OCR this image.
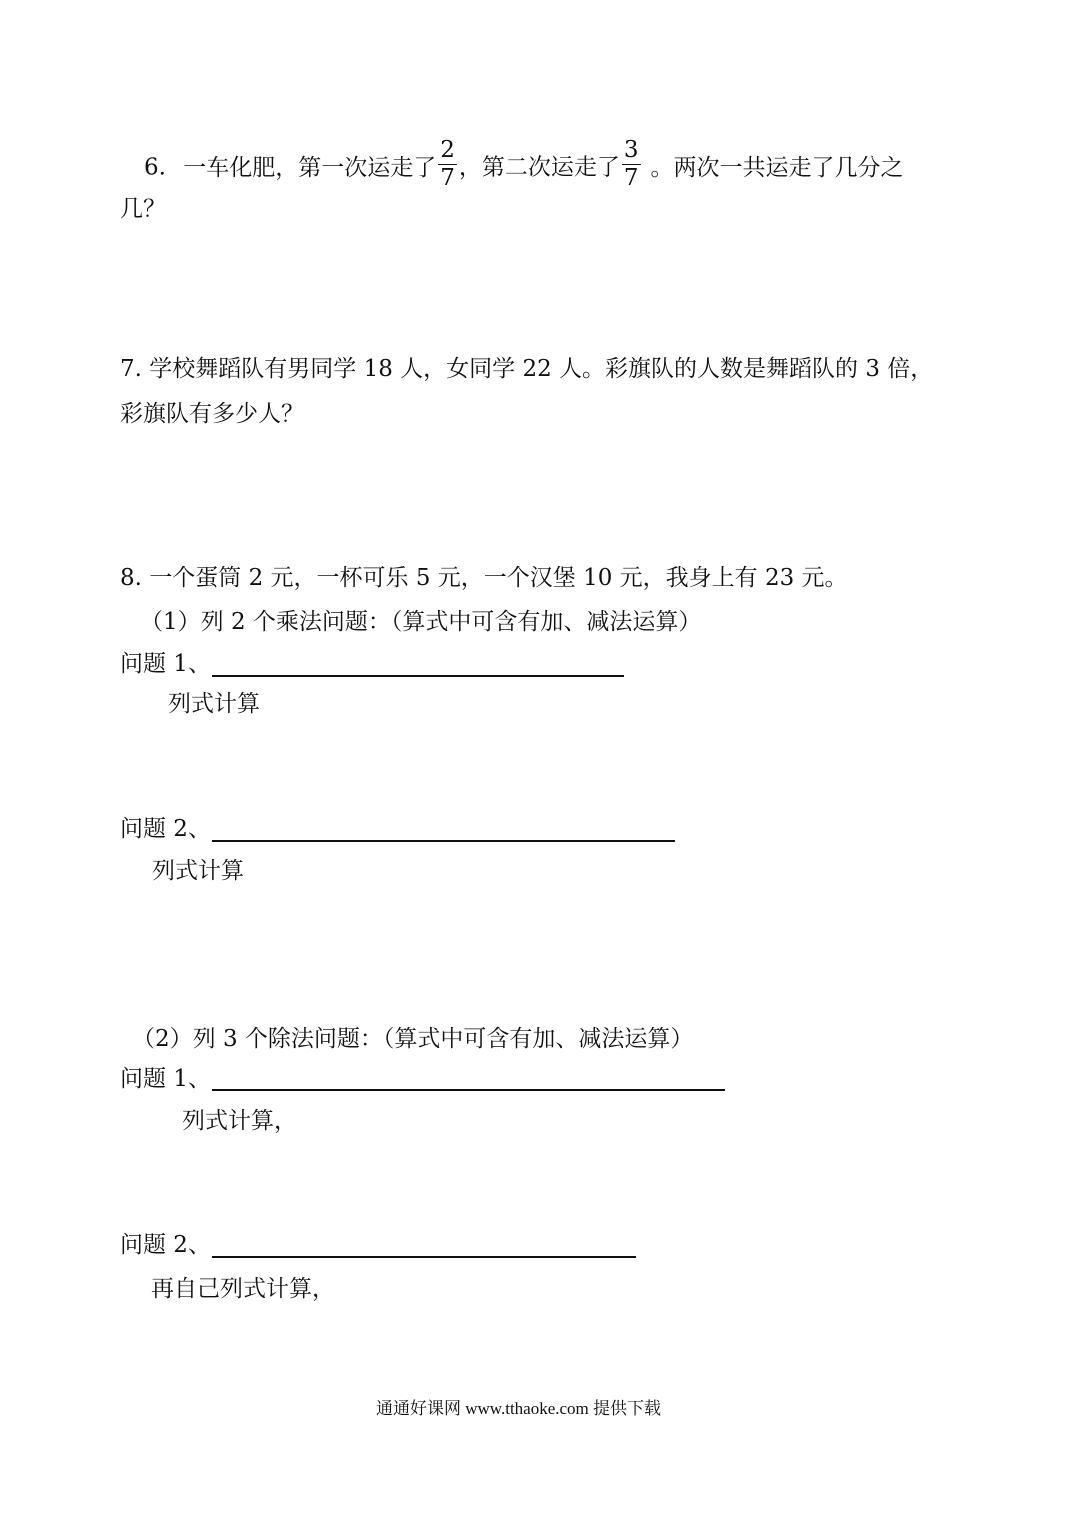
6. 一车化肥，第一次运走了 $\frac{2}{7}$ ，第二次运走了 $\frac{3}{7}$ 。两次一共运走了几分之
几？
7. 学校舞蹈队有男同学 18 人，女同学 22 人。彩旗队的人数是舞蹈队的 3 倍，
彩旗队有多少人？
8. 一个蛋筒 2 元，一杯可乐 5 元，一个汉堡 10 元，我身上有 23 元。
（1）列 2 个乘法问题：（算式中可含有加、减法运算）
问题 1、
列式计算
问题 2、
列式计算
（2）列 3 个除法问题：（算式中可含有加、减法运算）
问题 1、
列式计算，
问题 2、
再自己列式计算，
通通好课网 www.tthaoke.com 提供下载
